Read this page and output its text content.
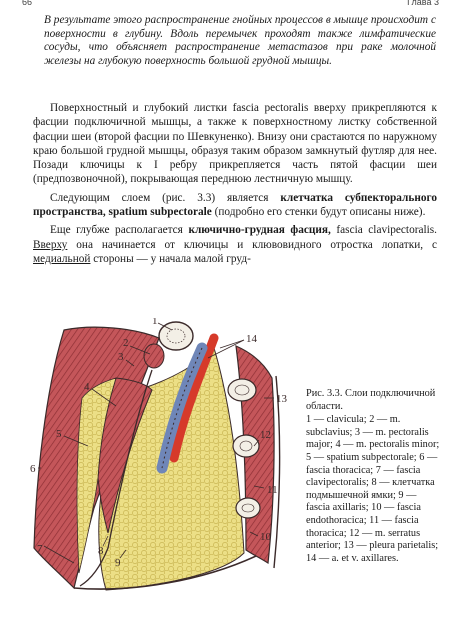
66	Глава 3
В результате этого распространение гнойных процессов в мышце происходит с поверхности в глубину. Вдоль перемычек проходят также лимфатические сосуды, что объясняет распространение метастазов при раке молочной железы на глубокую поверхность большой грудной мышцы.

Поверхностный и глубокий листки fascia pectoralis вверху прикрепляются к фасции подключичной мышцы, а также к поверхностному листку собственной фасции шеи (второй фасции по Шевкуненко). Внизу они срастаются по наружному краю большой грудной мышцы, образуя таким образом замкнутый футляр для нее. Позади ключицы к I ребру прикрепляется часть пятой фасции шеи (предпозвоночной), покрывающая переднюю лестничную мышцу.

Следующим слоем (рис. 3.3) является клетчатка субпекторального пространства, spatium subpectorale (подробно его стенки будут описаны ниже).

Еще глубже располагается ключично-грудная фасция, fascia clavipectoralis. Вверху она начинается от ключицы и клювовидного отростка лопатки, с медиальной стороны — у начала малой груд-

1
2
3
4
5
6
7	8
9
10
11
12
13
14

Рис. 3.3. Слои подключичной области.

1 — clavicula; 2 — m. subclavius; 3 — m. pectoralis major; 4 — m. pectoralis minor; 5 — spatium subpectorale; 6 — fascia thoracica; 7 — fascia clavipectoralis; 8 — клетчатка подмышечной ямки; 9 — fascia axillaris; 10 — fascia endothoracica; 11 — fascia thoracica; 12 — m. serratus anterior; 13 — pleura parietalis; 14 — a. et v. axillares.
